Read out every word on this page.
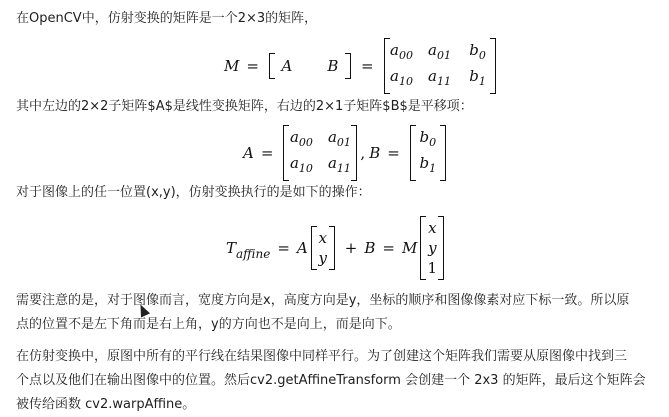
在OpenCV中，仿射变换的矩阵是一个2×3的矩阵，

M =	A	B	=
$a_{00}$ $a_{01}$ $b_0$
$a_{10}$ $a_{11}$ $b_1$

其中左边的2×2子矩阵$A$是线性变换矩阵，右边的2×1子矩阵$B$是平移项：

A =
$a_{00}$ $a_{01}$
$a_{10}$ $a_{11}$
, B =
$b_0$
$b_1$

对于图像上的任一位置(x,y)，仿射变换执行的是如下的操作：

T affine = A
x
y
+ B = M
x
y
1

需要注意的是，对于图像而言，宽度方向是x，高度方向是y，坐标的顺序和图像像素对应下标一致。所以原

点的位置不是左下角而是右上角，y的方向也不是向上，而是向下。

在仿射变换中，原图中所有的平行线在结果图像中同样平行。为了创建这个矩阵我们需要从原图像中找到三

个点以及他们在输出图像中的位置。然后cv2.getAffineTransform 会创建一个 2x3 的矩阵，最后这个矩阵会

被传给函数 cv2.warpAffine。
